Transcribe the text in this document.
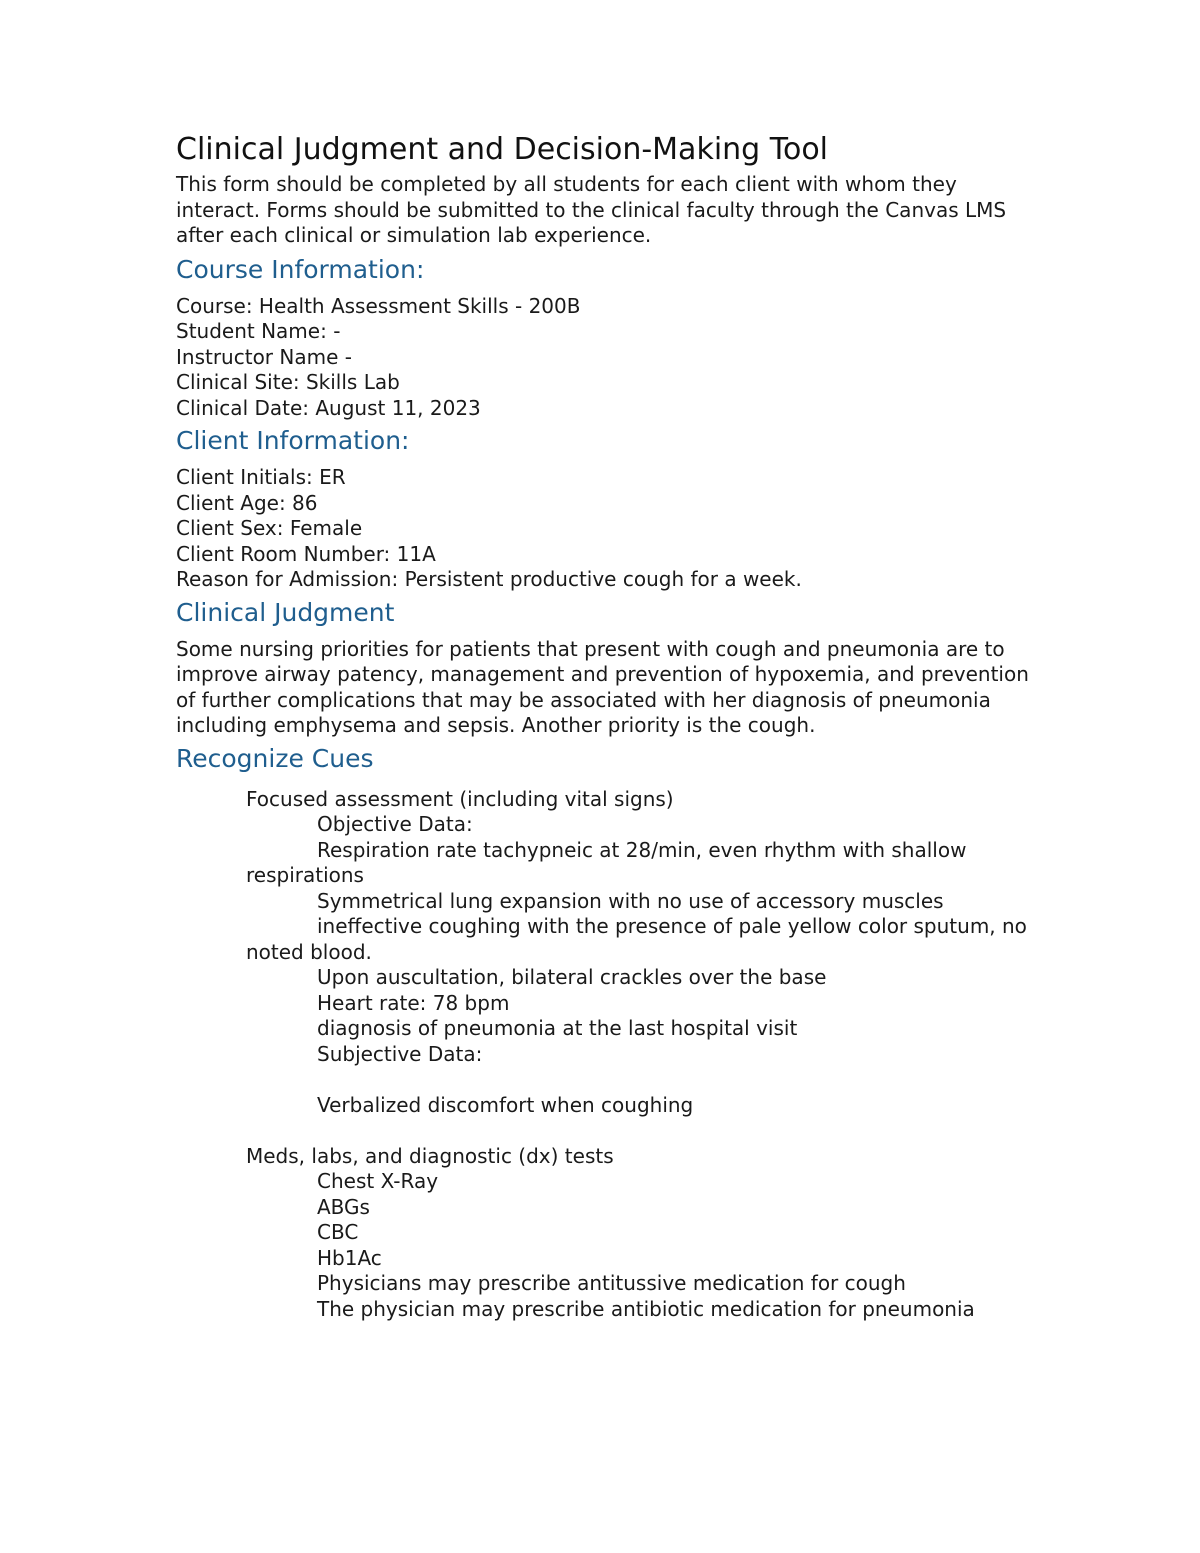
Clinical Judgment and Decision-Making Tool

This form should be completed by all students for each client with whom they interact. Forms should be submitted to the clinical faculty through the Canvas LMS after each clinical or simulation lab experience.

Course Information:

Course: Health Assessment Skills - 200B

Student Name: -

Instructor Name -

Clinical Site: Skills Lab

Clinical Date: August 11, 2023

Client Information:

Client Initials: ER

Client Age: 86

Client Sex: Female

Client Room Number: 11A

Reason for Admission: Persistent productive cough for a week.

Clinical Judgment

Some nursing priorities for patients that present with cough and pneumonia are to improve airway patency, management and prevention of hypoxemia, and prevention of further complications that may be associated with her diagnosis of pneumonia including emphysema and sepsis. Another priority is the cough.

Recognize Cues

Focused assessment (including vital signs)

Objective Data:

Respiration rate tachypneic at 28/min, even rhythm with shallow respirations

Symmetrical lung expansion with no use of accessory muscles

ineffective coughing with the presence of pale yellow color sputum, no noted blood.

Upon auscultation, bilateral crackles over the base

Heart rate: 78 bpm

diagnosis of pneumonia at the last hospital visit

Subjective Data:

Verbalized discomfort when coughing

Meds, labs, and diagnostic (dx) tests

Chest X-Ray

ABGs

CBC

Hb1Ac

Physicians may prescribe antitussive medication for cough

The physician may prescribe antibiotic medication for pneumonia
